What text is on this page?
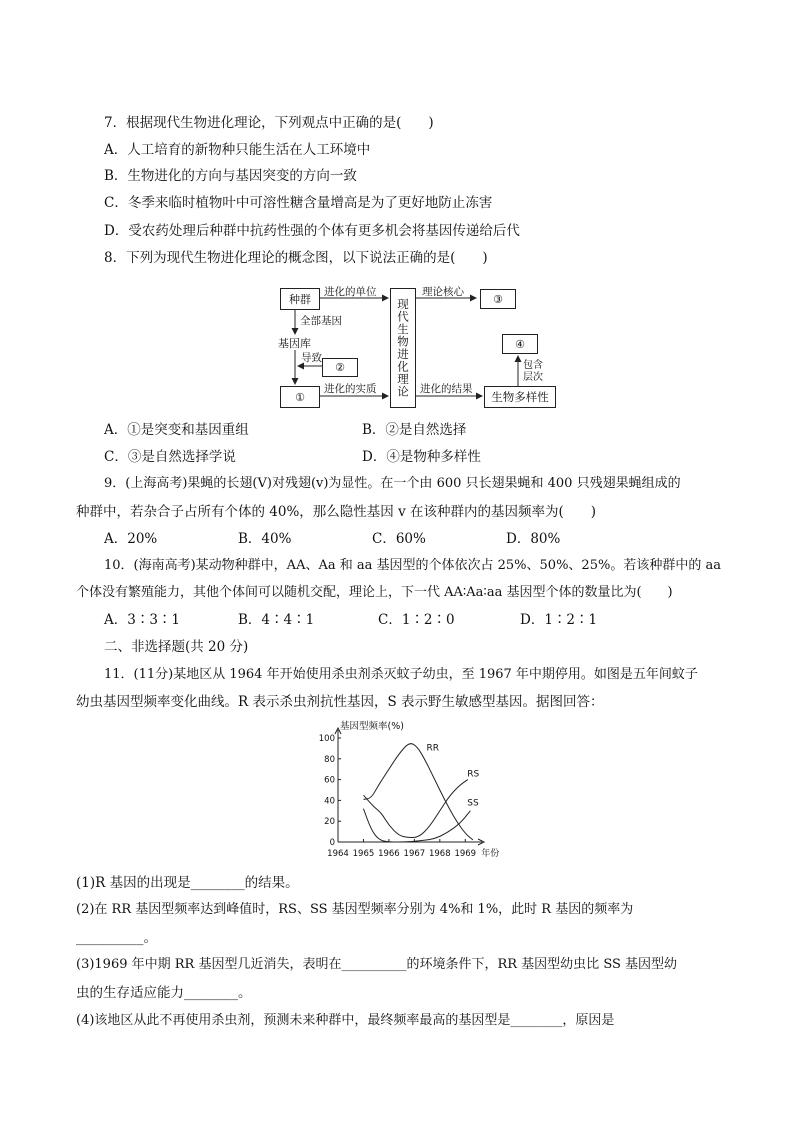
7．根据现代生物进化理论，下列观点中正确的是(　　)
A．人工培育的新物种只能生活在人工环境中
B．生物进化的方向与基因突变的方向一致
C．冬季来临时植物叶中可溶性糖含量增高是为了更好地防止冻害
D．受农药处理后种群中抗药性强的个体有更多机会将基因传递给后代
8．下列为现代生物进化理论的概念图，以下说法正确的是(　　)
种群
进化的单位
现代生物进化理论
理论核心
③
全部基因
基因库
导致
②
①
进化的实质	进化的结果
生物多样性
④
包含
层次
A．①是突变和基因重组	B．②是自然选择
C．③是自然选择学说	D．④是物种多样性
9．(上海高考)果蝇的长翅(V)对残翅(v)为显性。在一个由 600 只长翅果蝇和 400 只残翅果蝇组成的
种群中，若杂合子占所有个体的 40%，那么隐性基因 v 在该种群内的基因频率为(　　)
A．20%	B．40%	C．60%	D．80%
10．(海南高考)某动物种群中，AA、Aa 和 aa 基因型的个体依次占 25%、50%、25%。若该种群中的 aa
个体没有繁殖能力，其他个体间可以随机交配，理论上，下一代 AA∶Aa∶aa 基因型个体的数量比为(　　)
A．3∶3∶1	B．4∶4∶1	C．1∶2∶0	D．1∶2∶1
二、非选择题(共 20 分)
11．(11分)某地区从 1964 年开始使用杀虫剂杀灭蚊子幼虫，至 1967 年中期停用。如图是五年间蚊子
幼虫基因型频率变化曲线。R 表示杀虫剂抗性基因，S 表示野生敏感型基因。据图回答：
0
20
40
60
80
100
1964 1965 1966 1967 1968 1969
基因型频率(%)
年份
RR
RS
SS
(1)R 基因的出现是________的结果。
(2)在 RR 基因型频率达到峰值时，RS、SS 基因型频率分别为 4%和 1%，此时 R 基因的频率为
__________。
(3)1969 年中期 RR 基因型几近消失，表明在__________的环境条件下，RR 基因型幼虫比 SS 基因型幼
虫的生存适应能力________。
(4)该地区从此不再使用杀虫剂，预测未来种群中，最终频率最高的基因型是________，原因是
